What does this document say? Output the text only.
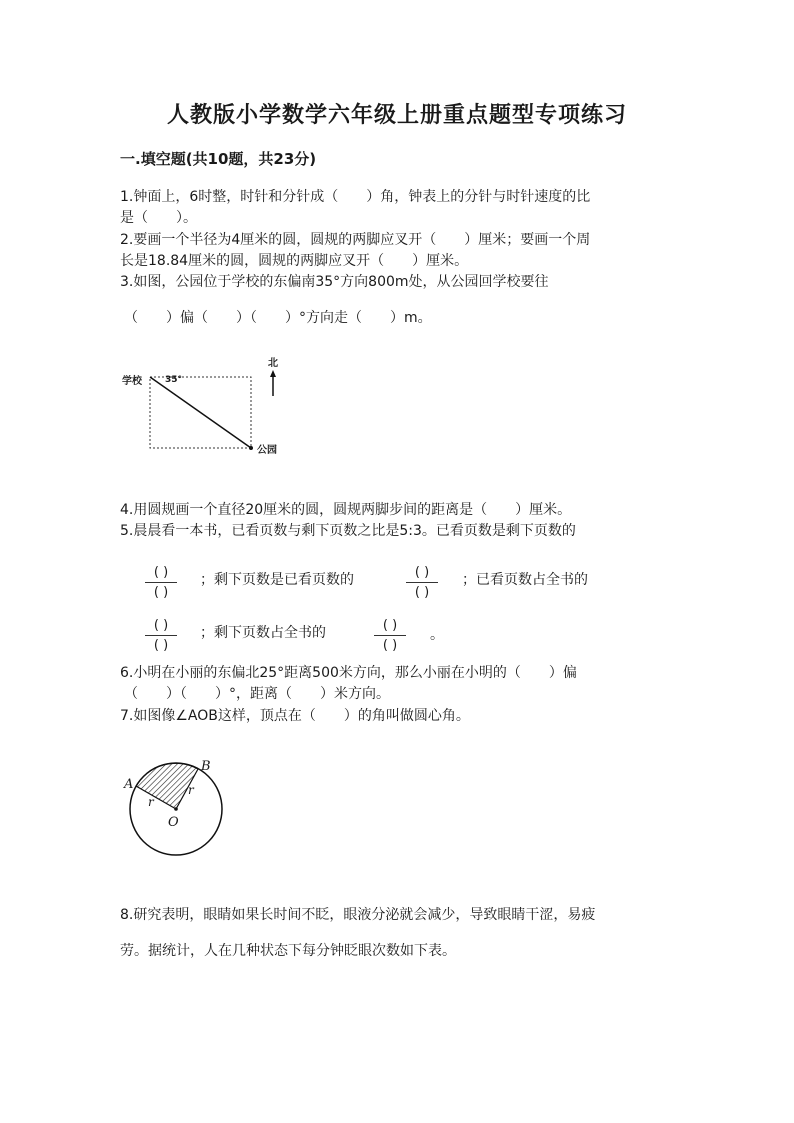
人教版小学数学六年级上册重点题型专项练习
一.填空题(共10题，共23分)
1.钟面上，6时整，时针和分针成（　　）角，钟表上的分针与时针速度的比
是（　　）。
2.要画一个半径为4厘米的圆，圆规的两脚应叉开（　　）厘米；要画一个周
长是18.84厘米的圆，圆规的两脚应叉开（　　）厘米。
3.如图，公园位于学校的东偏南35°方向800m处，从公园回学校要往
（　　）偏（　　）（　　）°方向走（　　）m。
学校
公园
35°
北
4.用圆规画一个直径20厘米的圆，圆规两脚步间的距离是（　　）厘米。
5.晨晨看一本书，已看页数与剩下页数之比是5:3。已看页数是剩下页数的
( )
( )
；剩下页数是已看页数的	( )
( )
；已看页数占全书的
( )
( )
；剩下页数占全书的	( )
( )
。
6.小明在小丽的东偏北25°距离500米方向，那么小丽在小明的（　　）偏
（　　）（　　）°，距离（　　）米方向。
7.如图像∠AOB这样，顶点在（　　）的角叫做圆心角。
A
B
O
r
r
8.研究表明，眼睛如果长时间不眨，眼液分泌就会减少，导致眼睛干涩，易疲
劳。据统计，人在几种状态下每分钟眨眼次数如下表。
